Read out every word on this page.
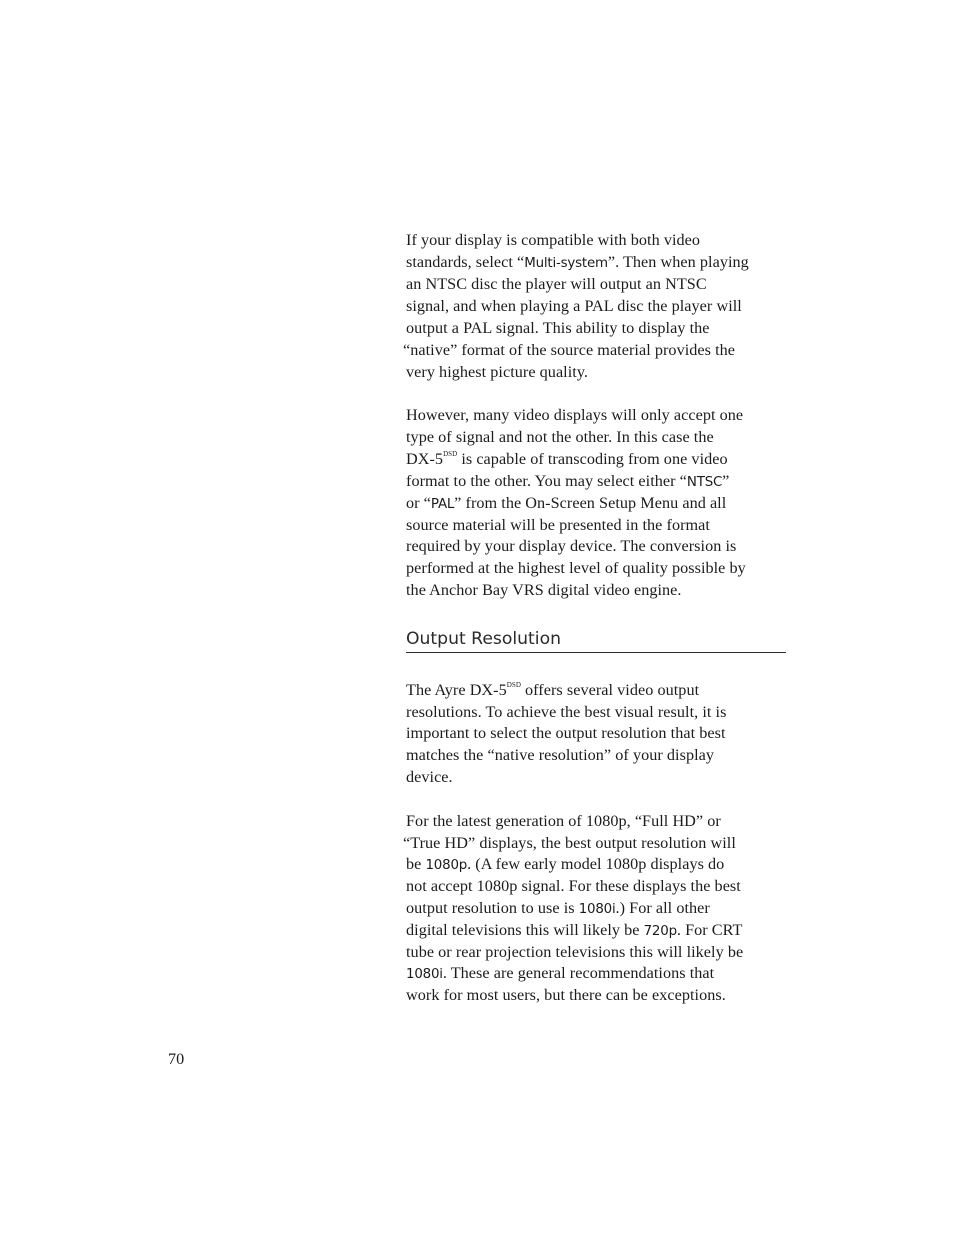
If your display is compatible with both video
standards, select “Multi-system”. Then when playing
an NTSC disc the player will output an NTSC
signal, and when playing a PAL disc the player will
output a PAL signal. This ability to display the
“native” format of the source material provides the
very highest picture quality.
However, many video displays will only accept one
type of signal and not the other. In this case the
$DX-5^{DSD}$ is capable of transcoding from one video
format to the other. You may select either “NTSC”
or “PAL” from the On-Screen Setup Menu and all
source material will be presented in the format
required by your display device. The conversion is
performed at the highest level of quality possible by
the Anchor Bay VRS digital video engine.
Output Resolution
The Ayre $DX-5^{DSD}$ offers several video output
resolutions. To achieve the best visual result, it is
important to select the output resolution that best
matches the “native resolution” of your display
device.
For the latest generation of 1080p, “Full HD” or
“True HD” displays, the best output resolution will
be 1080p. (A few early model 1080p displays do
not accept 1080p signal. For these displays the best
output resolution to use is 1080i.) For all other
digital televisions this will likely be 720p. For CRT
tube or rear projection televisions this will likely be
1080i. These are general recommendations that
work for most users, but there can be exceptions.
70
